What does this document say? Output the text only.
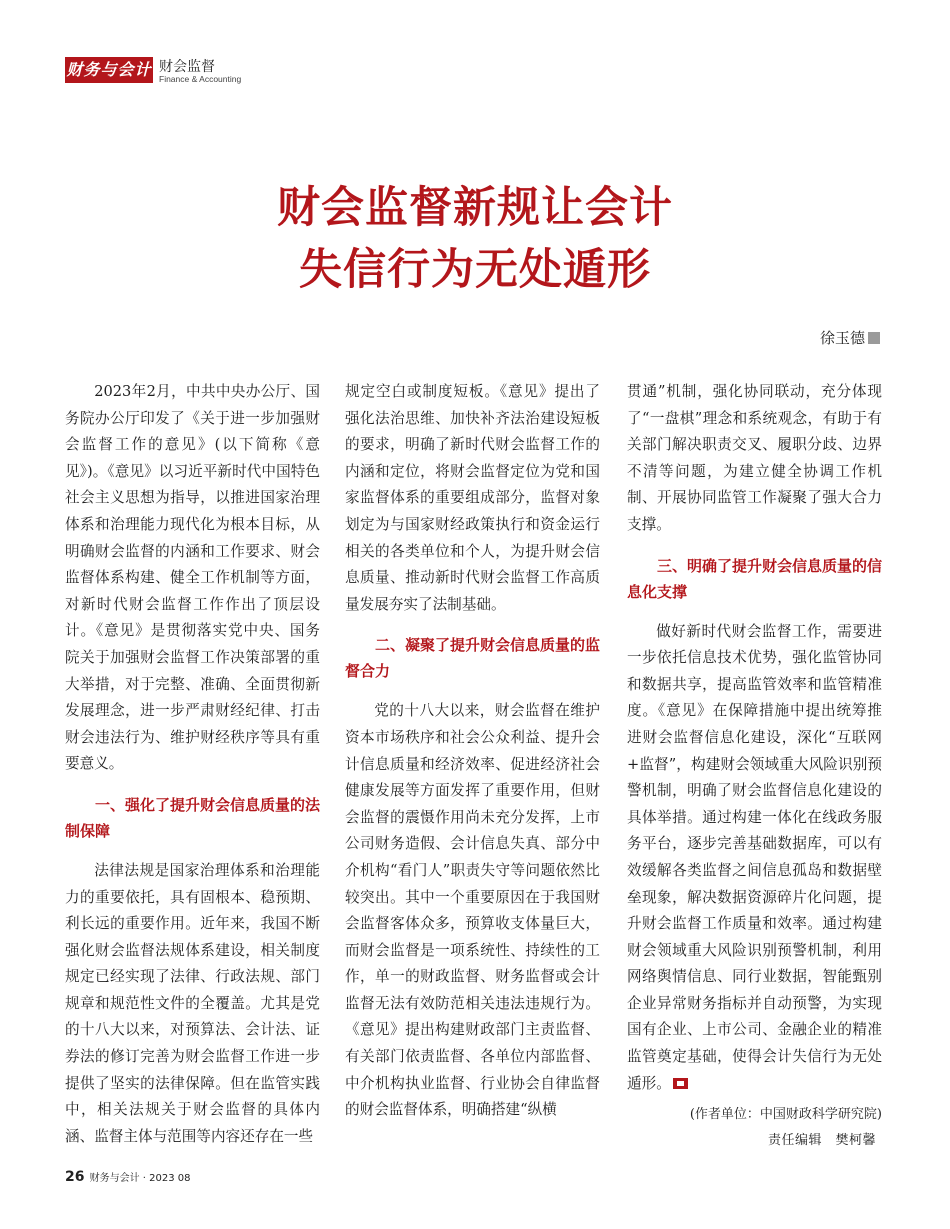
财务与会计 财会监督
Finance & Accounting
财会监督新规让会计
失信行为无处遁形
徐玉德

2023年2月，中共中央办公厅、国务院办公厅印发了《关于进一步加强财会监督工作的意见》(以下简称《意见》)。《意见》以习近平新时代中国特色社会主义思想为指导，以推进国家治理体系和治理能力现代化为根本目标，从明确财会监督的内涵和工作要求、财会监督体系构建、健全工作机制等方面，对新时代财会监督工作作出了顶层设计。《意见》是贯彻落实党中央、国务院关于加强财会监督工作决策部署的重大举措，对于完整、准确、全面贯彻新发展理念，进一步严肃财经纪律、打击财会违法行为、维护财经秩序等具有重要意义。

一、强化了提升财会信息质量的法制保障

法律法规是国家治理体系和治理能力的重要依托，具有固根本、稳预期、利长远的重要作用。近年来，我国不断强化财会监督法规体系建设，相关制度规定已经实现了法律、行政法规、部门规章和规范性文件的全覆盖。尤其是党的十八大以来，对预算法、会计法、证券法的修订完善为财会监督工作进一步提供了坚实的法律保障。但在监管实践中，相关法规关于财会监督的具体内涵、监督主体与范围等内容还存在一些

规定空白或制度短板。《意见》提出了强化法治思维、加快补齐法治建设短板的要求，明确了新时代财会监督工作的内涵和定位，将财会监督定位为党和国家监督体系的重要组成部分，监督对象划定为与国家财经政策执行和资金运行相关的各类单位和个人，为提升财会信息质量、推动新时代财会监督工作高质量发展夯实了法制基础。

二、凝聚了提升财会信息质量的监督合力

党的十八大以来，财会监督在维护资本市场秩序和社会公众利益、提升会计信息质量和经济效率、促进经济社会健康发展等方面发挥了重要作用，但财会监督的震慑作用尚未充分发挥，上市公司财务造假、会计信息失真、部分中介机构“看门人”职责失守等问题依然比较突出。其中一个重要原因在于我国财会监督客体众多，预算收支体量巨大，而财会监督是一项系统性、持续性的工作，单一的财政监督、财务监督或会计监督无法有效防范相关违法违规行为。《意见》提出构建财政部门主责监督、有关部门依责监督、各单位内部监督、中介机构执业监督、行业协会自律监督的财会监督体系，明确搭建“纵横

贯通”机制，强化协同联动，充分体现了“一盘棋”理念和系统观念，有助于有关部门解决职责交叉、履职分歧、边界不清等问题，为建立健全协调工作机制、开展协同监管工作凝聚了强大合力支撑。

三、明确了提升财会信息质量的信息化支撑

做好新时代财会监督工作，需要进一步依托信息技术优势，强化监管协同和数据共享，提高监管效率和监管精准度。《意见》在保障措施中提出统筹推进财会监督信息化建设，深化“互联网+监督”，构建财会领域重大风险识别预警机制，明确了财会监督信息化建设的具体举措。通过构建一体化在线政务服务平台，逐步完善基础数据库，可以有效缓解各类监督之间信息孤岛和数据壁垒现象，解决数据资源碎片化问题，提升财会监督工作质量和效率。通过构建财会领域重大风险识别预警机制，利用网络舆情信息、同行业数据，智能甄别企业异常财务指标并自动预警，为实现国有企业、上市公司、金融企业的精准监管奠定基础，使得会计失信行为无处遁形。

(作者单位：中国财政科学研究院)
责任编辑　樊柯馨
26 财务与会计 · 2023 08
